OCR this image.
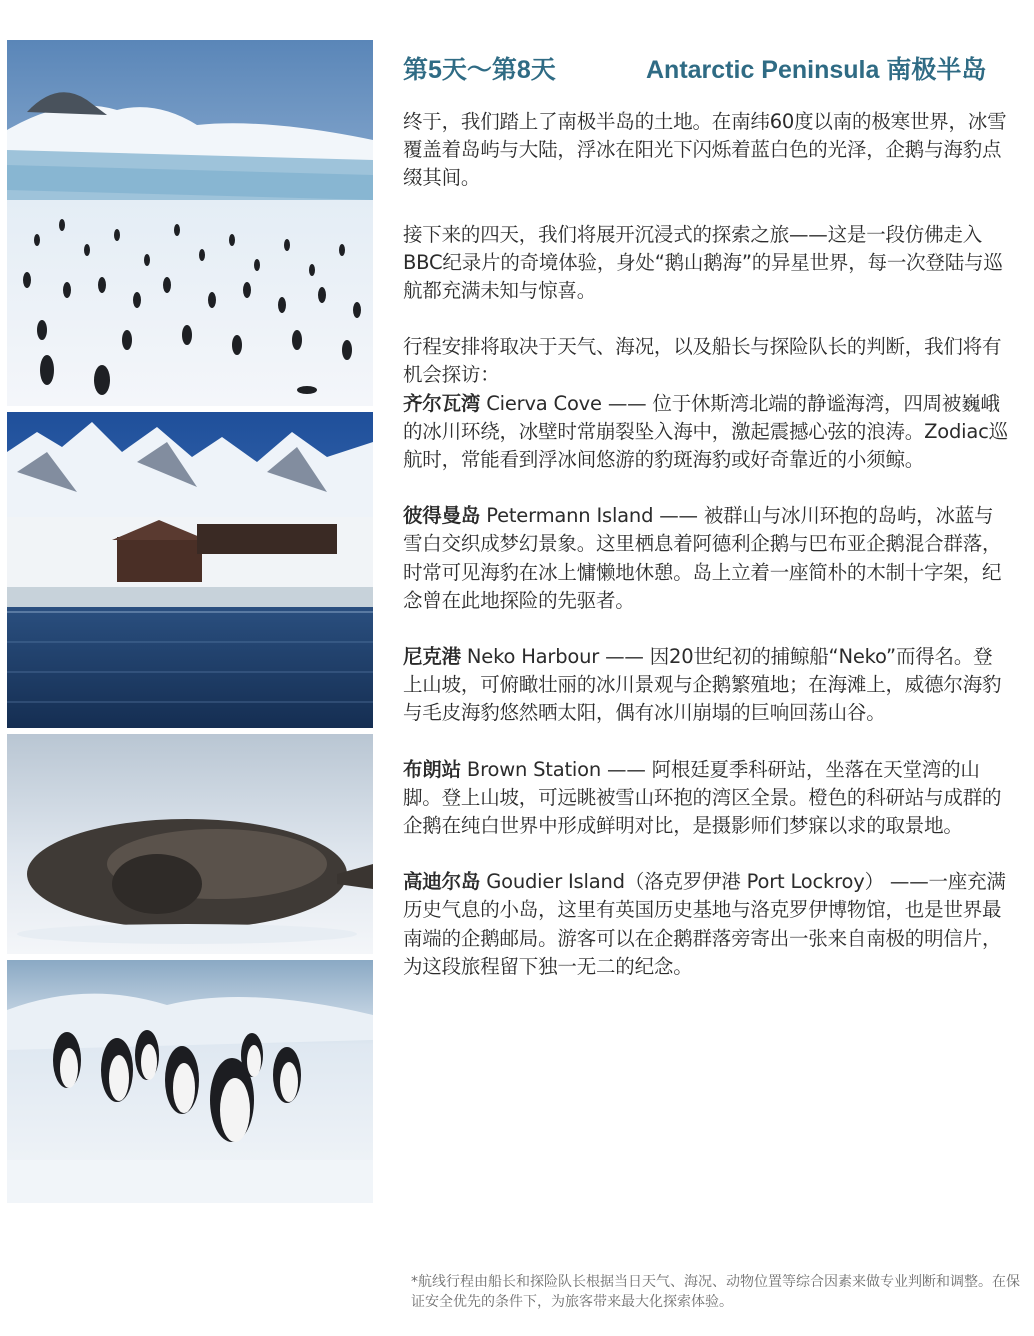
第5天～第8天	Antarctic Peninsula 南极半岛

终于，我们踏上了南极半岛的土地。在南纬60度以南的极寒世界，冰雪覆盖着岛屿与大陆，浮冰在阳光下闪烁着蓝白色的光泽，企鹅与海豹点缀其间。

接下来的四天，我们将展开沉浸式的探索之旅——这是一段仿佛走入BBC纪录片的奇境体验，身处“鹅山鹅海”的异星世界，每一次登陆与巡航都充满未知与惊喜。

行程安排将取决于天气、海况，以及船长与探险队长的判断，我们将有机会探访：

齐尔瓦湾 Cierva Cove —— 位于休斯湾北端的静谧海湾，四周被巍峨的冰川环绕，冰壁时常崩裂坠入海中，激起震撼心弦的浪涛。Zodiac巡航时，常能看到浮冰间悠游的豹斑海豹或好奇靠近的小须鲸。

彼得曼岛 Petermann Island —— 被群山与冰川环抱的岛屿，冰蓝与雪白交织成梦幻景象。这里栖息着阿德利企鹅与巴布亚企鹅混合群落，时常可见海豹在冰上慵懒地休憩。岛上立着一座简朴的木制十字架，纪念曾在此地探险的先驱者。

尼克港 Neko Harbour —— 因20世纪初的捕鲸船“Neko”而得名。登上山坡，可俯瞰壮丽的冰川景观与企鹅繁殖地；在海滩上，威德尔海豹与毛皮海豹悠然晒太阳，偶有冰川崩塌的巨响回荡山谷。

布朗站 Brown Station —— 阿根廷夏季科研站，坐落在天堂湾的山脚。登上山坡，可远眺被雪山环抱的湾区全景。橙色的科研站与成群的企鹅在纯白世界中形成鲜明对比，是摄影师们梦寐以求的取景地。

高迪尔岛 Goudier Island（洛克罗伊港 Port Lockroy） ——一座充满历史气息的小岛，这里有英国历史基地与洛克罗伊博物馆，也是世界最南端的企鹅邮局。游客可以在企鹅群落旁寄出一张来自南极的明信片，为这段旅程留下独一无二的纪念。

*航线行程由船长和探险队长根据当日天气、海况、动物位置等综合因素来做专业判断和调整。在保证安全优先的条件下，为旅客带来最大化探索体验。
